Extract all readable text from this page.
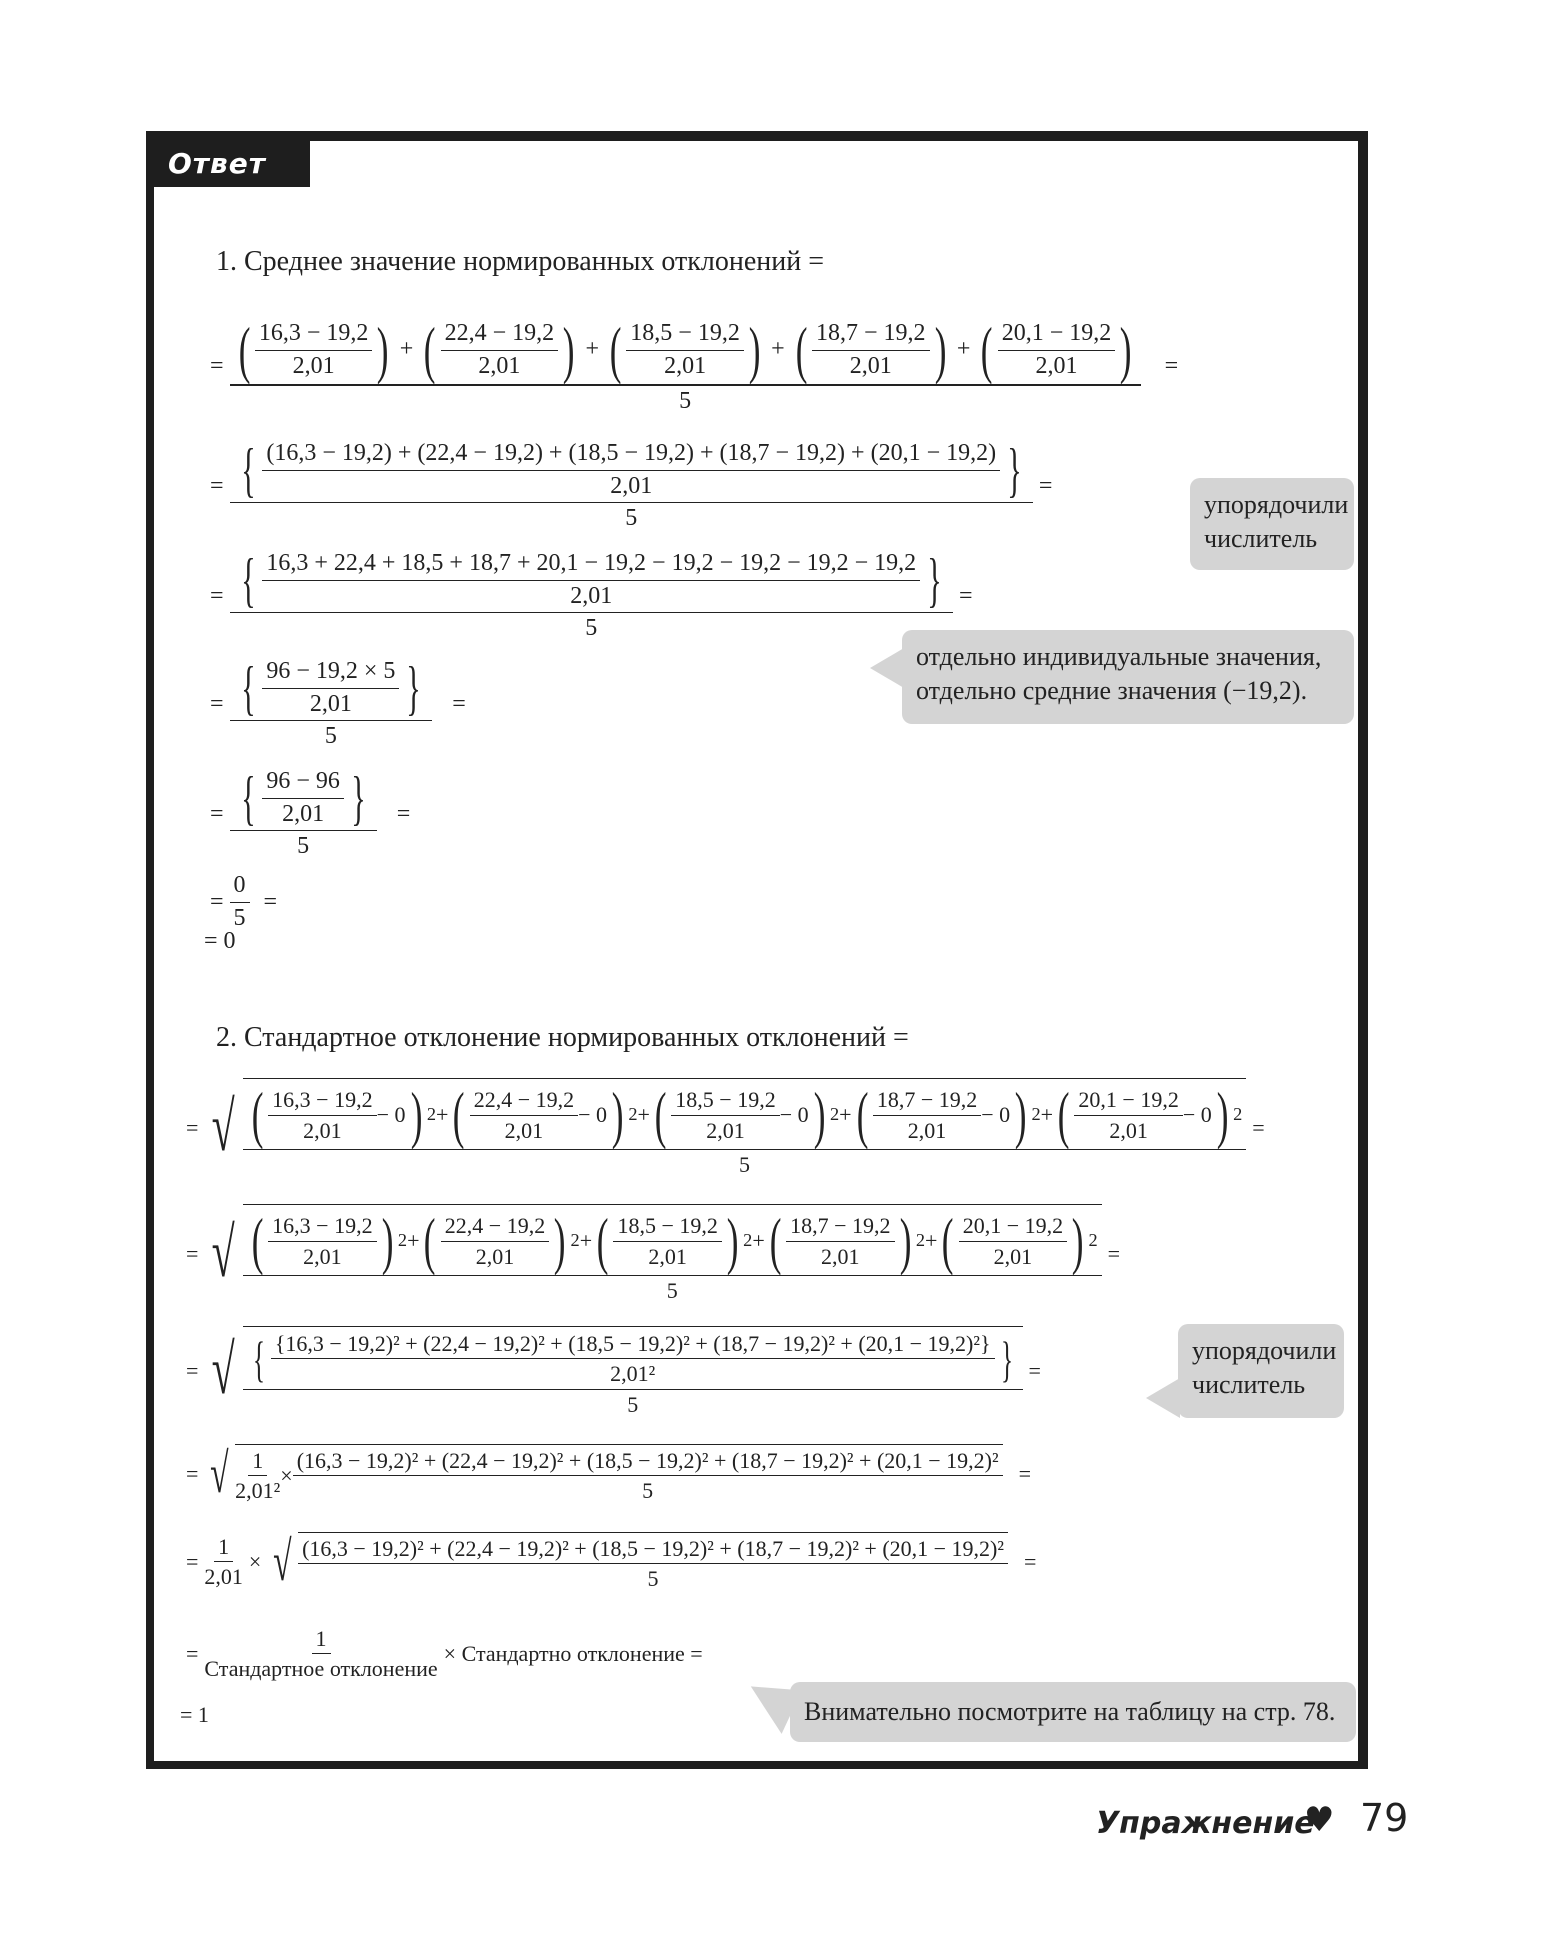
Ответ
1. Среднее значение нормированных отклонений =
= ( $\frac{16,3 - 19,2}{2,01}$ ) + ( $\frac{22,4 - 19,2}{2,01}$ ) + ( $\frac{18,5 - 19,2}{2,01}$ ) + ( $\frac{18,7 - 19,2}{2,01}$ ) + ( $\frac{20,1 - 19,2}{2,01}$ )
5
=
= { (16,3 − 19,2) + (22,4 − 19,2) + (18,5 − 19,2) + (18,7 − 19,2) + (20,1 − 19,2)
2,01	}
5
=
= { 16,3 + 22,4 + 18,5 + 18,7 + 20,1 − 19,2 − 19,2 − 19,2 − 19,2 − 19,2
2,01	}
5
=
= $\frac{\{ \frac{96 - 19,2 \times 5}{2,01} \}}{5}$ =
= $\frac{\{ \frac{96 - 96}{2,01} \}}{5}$ =
= $\frac{0}{5}$ =
= 0
упорядочили
числитель
отдельно индивидуальные значения,
отдельно средние значения (−19,2).
2. Стандартное отклонение нормированных отклонений =
= √ ( $\frac{16,3 - 19,2}{2,01} - 0$ ) 2 + ( $\frac{22,4 - 19,2}{2,01} - 0$ ) 2 + ( $\frac{18,5 - 19,2}{2,01} - 0$ ) 2 + ( $\frac{18,7 - 19,2}{2,01} - 0$ ) 2 + ( $\frac{20,1 - 19,2}{2,01} - 0$ ) 2
5
=
= √ ( $\frac{16,3 - 19,2}{2,01}$ ) 2 + ( $\frac{22,4 - 19,2}{2,01}$ ) 2 + ( $\frac{18,5 - 19,2}{2,01}$ ) 2 + ( $\frac{18,7 - 19,2}{2,01}$ ) 2 + ( $\frac{20,1 - 19,2}{2,01}$ ) 2
5
=
= √ { {16,3 − 19,2)² + (22,4 − 19,2)² + (18,5 − 19,2)² + (18,7 − 19,2)² + (20,1 − 19,2)²}
2,01²	}
5
=
= √ $\frac{1}{\text{2,01²}}$ ×
(16,3 − 19,2)² + (22,4 − 19,2)² + (18,5 − 19,2)² + (18,7 − 19,2)² + (20,1 − 19,2)²
5
=
= $\frac{1}{2,01}$ × √ (16,3 − 19,2)² + (22,4 − 19,2)² + (18,5 − 19,2)² + (18,7 − 19,2)² + (20,1 − 19,2)²
5
=
= $\frac{1}{\text{Стандартное отклонение}}$ × Стандартно отклонение =
= 1
упорядочили
числитель
Внимательно посмотрите на таблицу на стр. 78.
Упражнение
♥ 79
